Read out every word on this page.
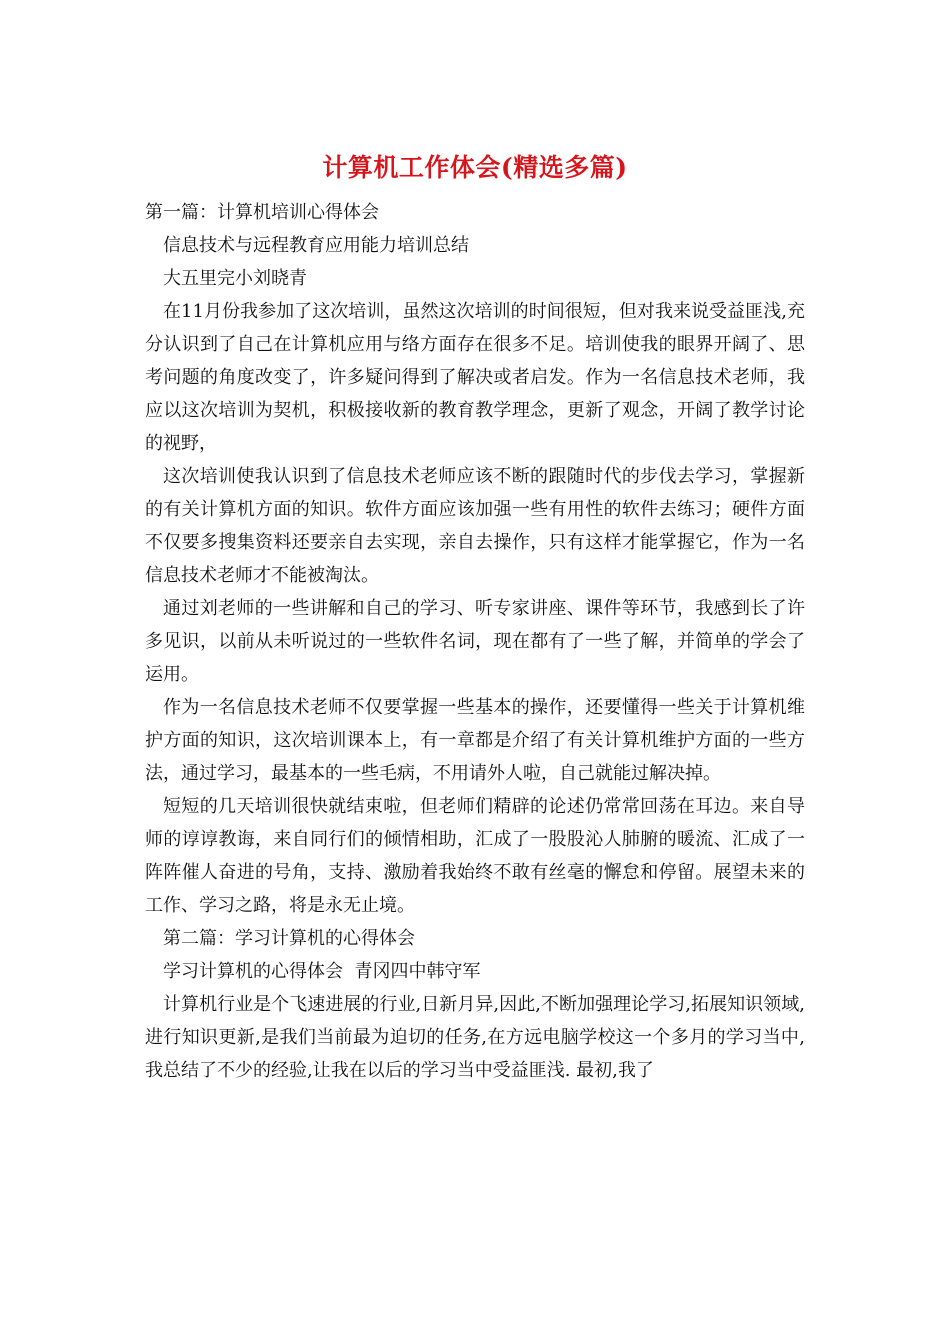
计算机工作体会(精选多篇)
第一篇：计算机培训心得体会
信息技术与远程教育应用能力培训总结
大五里完小刘晓青

在11月份我参加了这次培训，虽然这次培训的时间很短，但对我来说受益匪浅,充分认识到了自己在计算机应用与络方面存在很多不足。培训使我的眼界开阔了、思考问题的角度改变了，许多疑问得到了解决或者启发。作为一名信息技术老师，我应以这次培训为契机，积极接收新的教育教学理念，更新了观念，开阔了教学讨论的视野，

这次培训使我认识到了信息技术老师应该不断的跟随时代的步伐去学习，掌握新的有关计算机方面的知识。软件方面应该加强一些有用性的软件去练习；硬件方面不仅要多搜集资料还要亲自去实现，亲自去操作，只有这样才能掌握它，作为一名信息技术老师才不能被淘汰。

通过刘老师的一些讲解和自己的学习、听专家讲座、课件等环节，我感到长了许多见识，以前从未听说过的一些软件名词，现在都有了一些了解，并简单的学会了运用。

作为一名信息技术老师不仅要掌握一些基本的操作，还要懂得一些关于计算机维护方面的知识，这次培训课本上，有一章都是介绍了有关计算机维护方面的一些方法，通过学习，最基本的一些毛病，不用请外人啦，自己就能过解决掉。

短短的几天培训很快就结束啦，但老师们精辟的论述仍常常回荡在耳边。来自导师的谆谆教诲，来自同行们的倾情相助，汇成了一股股沁人肺腑的暖流、汇成了一阵阵催人奋进的号角，支持、激励着我始终不敢有丝毫的懈怠和停留。展望未来的工作、学习之路，将是永无止境。

第二篇：学习计算机的心得体会
学习计算机的心得体会  青冈四中韩守军

计算机行业是个飞速进展的行业,日新月异,因此,不断加强理论学习,拓展知识领域,进行知识更新,是我们当前最为迫切的任务,在方远电脑学校这一个多月的学习当中,我总结了不少的经验,让我在以后的学习当中受益匪浅. 最初,我了
